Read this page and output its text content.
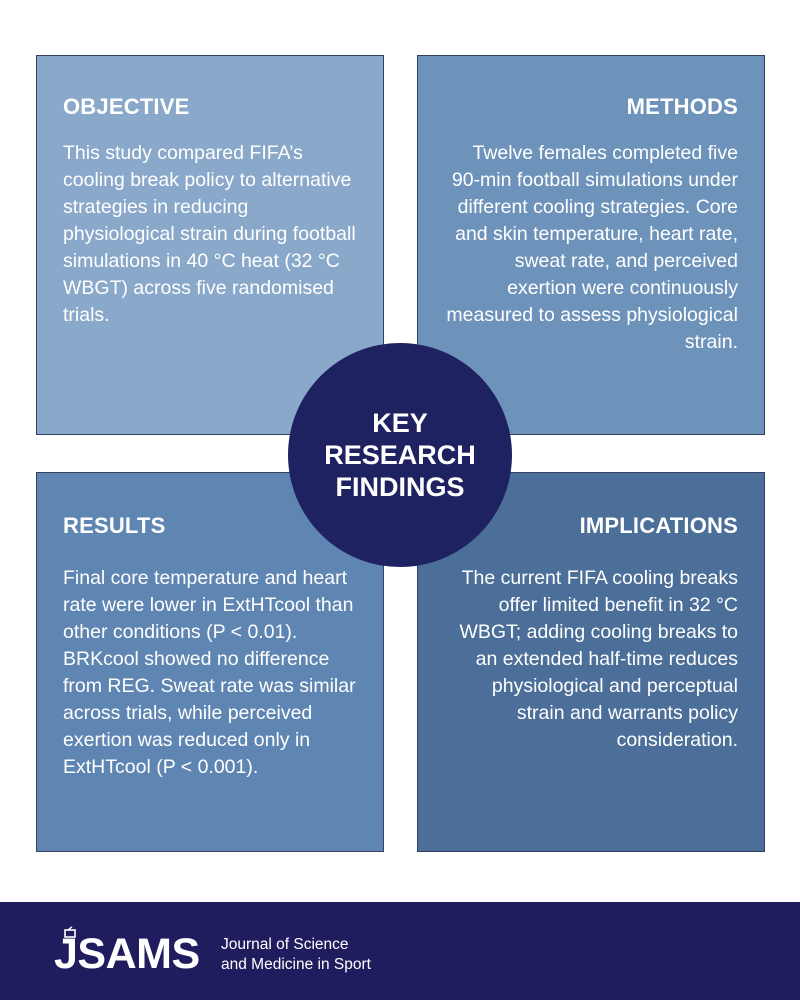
OBJECTIVE

This study compared FIFA’s cooling break policy to alternative strategies in reducing physiological strain during football simulations in 40 °C heat (32 °C WBGT) across five randomised trials.

METHODS

Twelve females completed five 90-min football simulations under different cooling strategies. Core and skin temperature, heart rate, sweat rate, and perceived exertion were continuously measured to assess physiological strain.

RESULTS

Final core temperature and heart rate were lower in ExtHTcool than other conditions (P < 0.01). BRKcool showed no difference from REG. Sweat rate was similar across trials, while perceived exertion was reduced only in ExtHTcool (P < 0.001).

IMPLICATIONS

The current FIFA cooling breaks offer limited benefit in 32 °C WBGT; adding cooling breaks to an extended half-time reduces physiological and perceptual strain and warrants policy consideration.

KEY RESEARCH FINDINGS
JSAMS Journal of Science
and Medicine in Sport
